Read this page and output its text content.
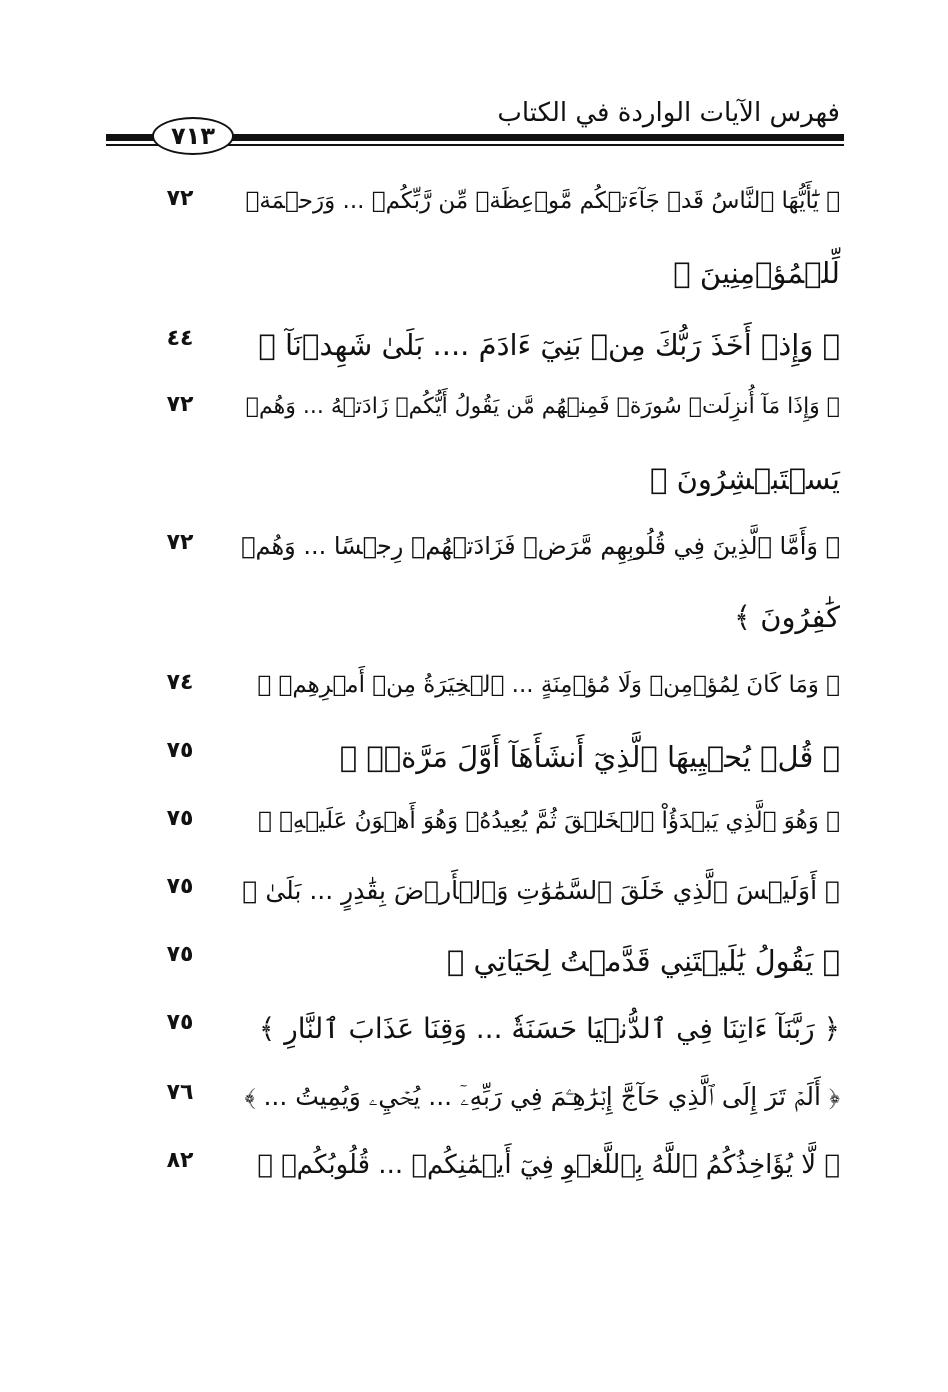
فهرس الآيات الواردة في الكتاب
٧١٣
٧٢ ﴿ يَٰٓأَيُّهَا ٱلنَّاسُ قَدۡ جَآءَتۡكُم مَّوۡعِظَةٞ مِّن رَّبِّكُمۡ ... وَرَحۡمَةٞ
لِّلۡمُؤۡمِنِينَ ﴾
٤٤ ﴿ وَإِذۡ أَخَذَ رَبُّكَ مِنۢ بَنِيٓ ءَادَمَ .... بَلَىٰ شَهِدۡنَآ ﴾
٧٢ ﴿ وَإِذَا مَآ أُنزِلَتۡ سُورَةٞ فَمِنۡهُم مَّن يَقُولُ أَيُّكُمۡ زَادَتۡهُ ... وَهُمۡ
يَسۡتَبۡشِرُونَ ﴾
٧٢ ﴿ وَأَمَّا ٱلَّذِينَ فِي قُلُوبِهِم مَّرَضٞ فَزَادَتۡهُمۡ رِجۡسًا ... وَهُمۡ
كَٰفِرُونَ ﴾
٧٤	﴿ وَمَا كَانَ لِمُؤۡمِنٖ وَلَا مُؤۡمِنَةٍ ... ٱلۡخِيَرَةُ مِنۡ أَمۡرِهِمۡ ﴾
٧٥	﴿ قُلۡ يُحۡيِيهَا ٱلَّذِيٓ أَنشَأَهَآ أَوَّلَ مَرَّةٖۖ ﴾
٧٥	﴿ وَهُوَ ٱلَّذِي يَبۡدَؤُاْ ٱلۡخَلۡقَ ثُمَّ يُعِيدُهُۥ وَهُوَ أَهۡوَنُ عَلَيۡهِۚ ﴾
٧٥ ﴿ أَوَلَيۡسَ ٱلَّذِي خَلَقَ ٱلسَّمَٰوَٰتِ وَٱلۡأَرۡضَ بِقَٰدِرٍ ... بَلَىٰ ﴾
٧٥	﴿ يَقُولُ يَٰلَيۡتَنِي قَدَّمۡتُ لِحَيَاتِي ﴾
٧٥ ﴿ رَبَّنَآ ءَاتِنَا فِي ٱلدُّنۡيَا حَسَنَةٗ ... وَقِنَا عَذَابَ ٱلنَّارِ ﴾
٧٦ ﴿ أَلَمۡ تَرَ إِلَى ٱلَّذِي حَآجَّ إِبۡرَٰهِـۧمَ فِي رَبِّهِۦٓ ... يُحۡيِۦ وَيُمِيتُ ... ﴾
٨٢ ﴿ لَّا يُؤَاخِذُكُمُ ٱللَّهُ بِٱللَّغۡوِ فِيٓ أَيۡمَٰنِكُمۡ ... قُلُوبُكُمۡ ﴾
